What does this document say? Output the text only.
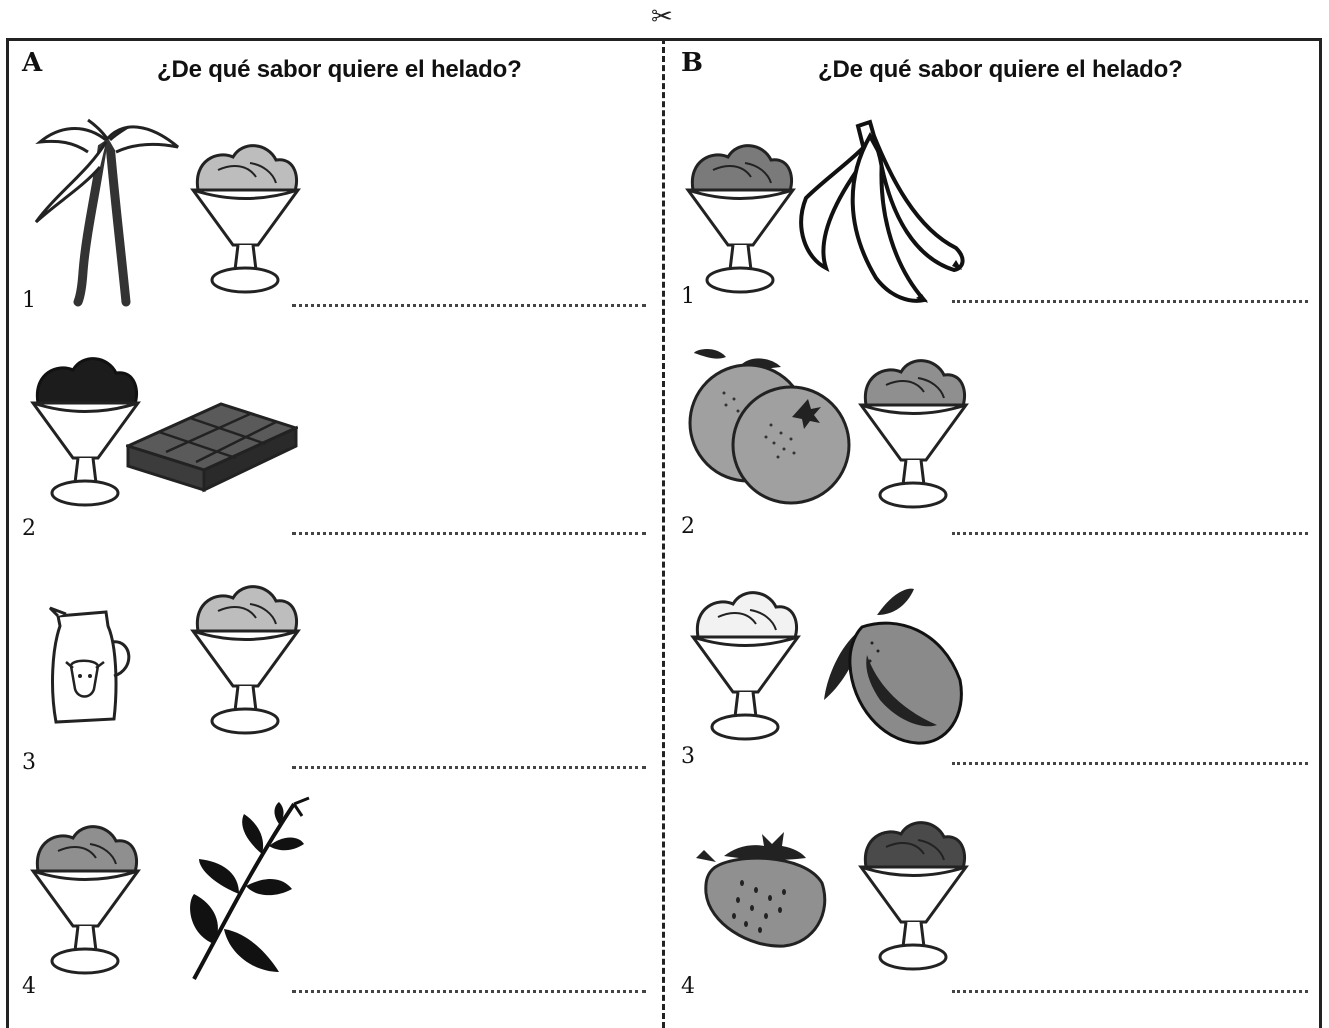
✂
A	¿De qué sabor quiere el helado?
1
2
3
4
B	¿De qué sabor quiere el helado?
1
2
3
4
